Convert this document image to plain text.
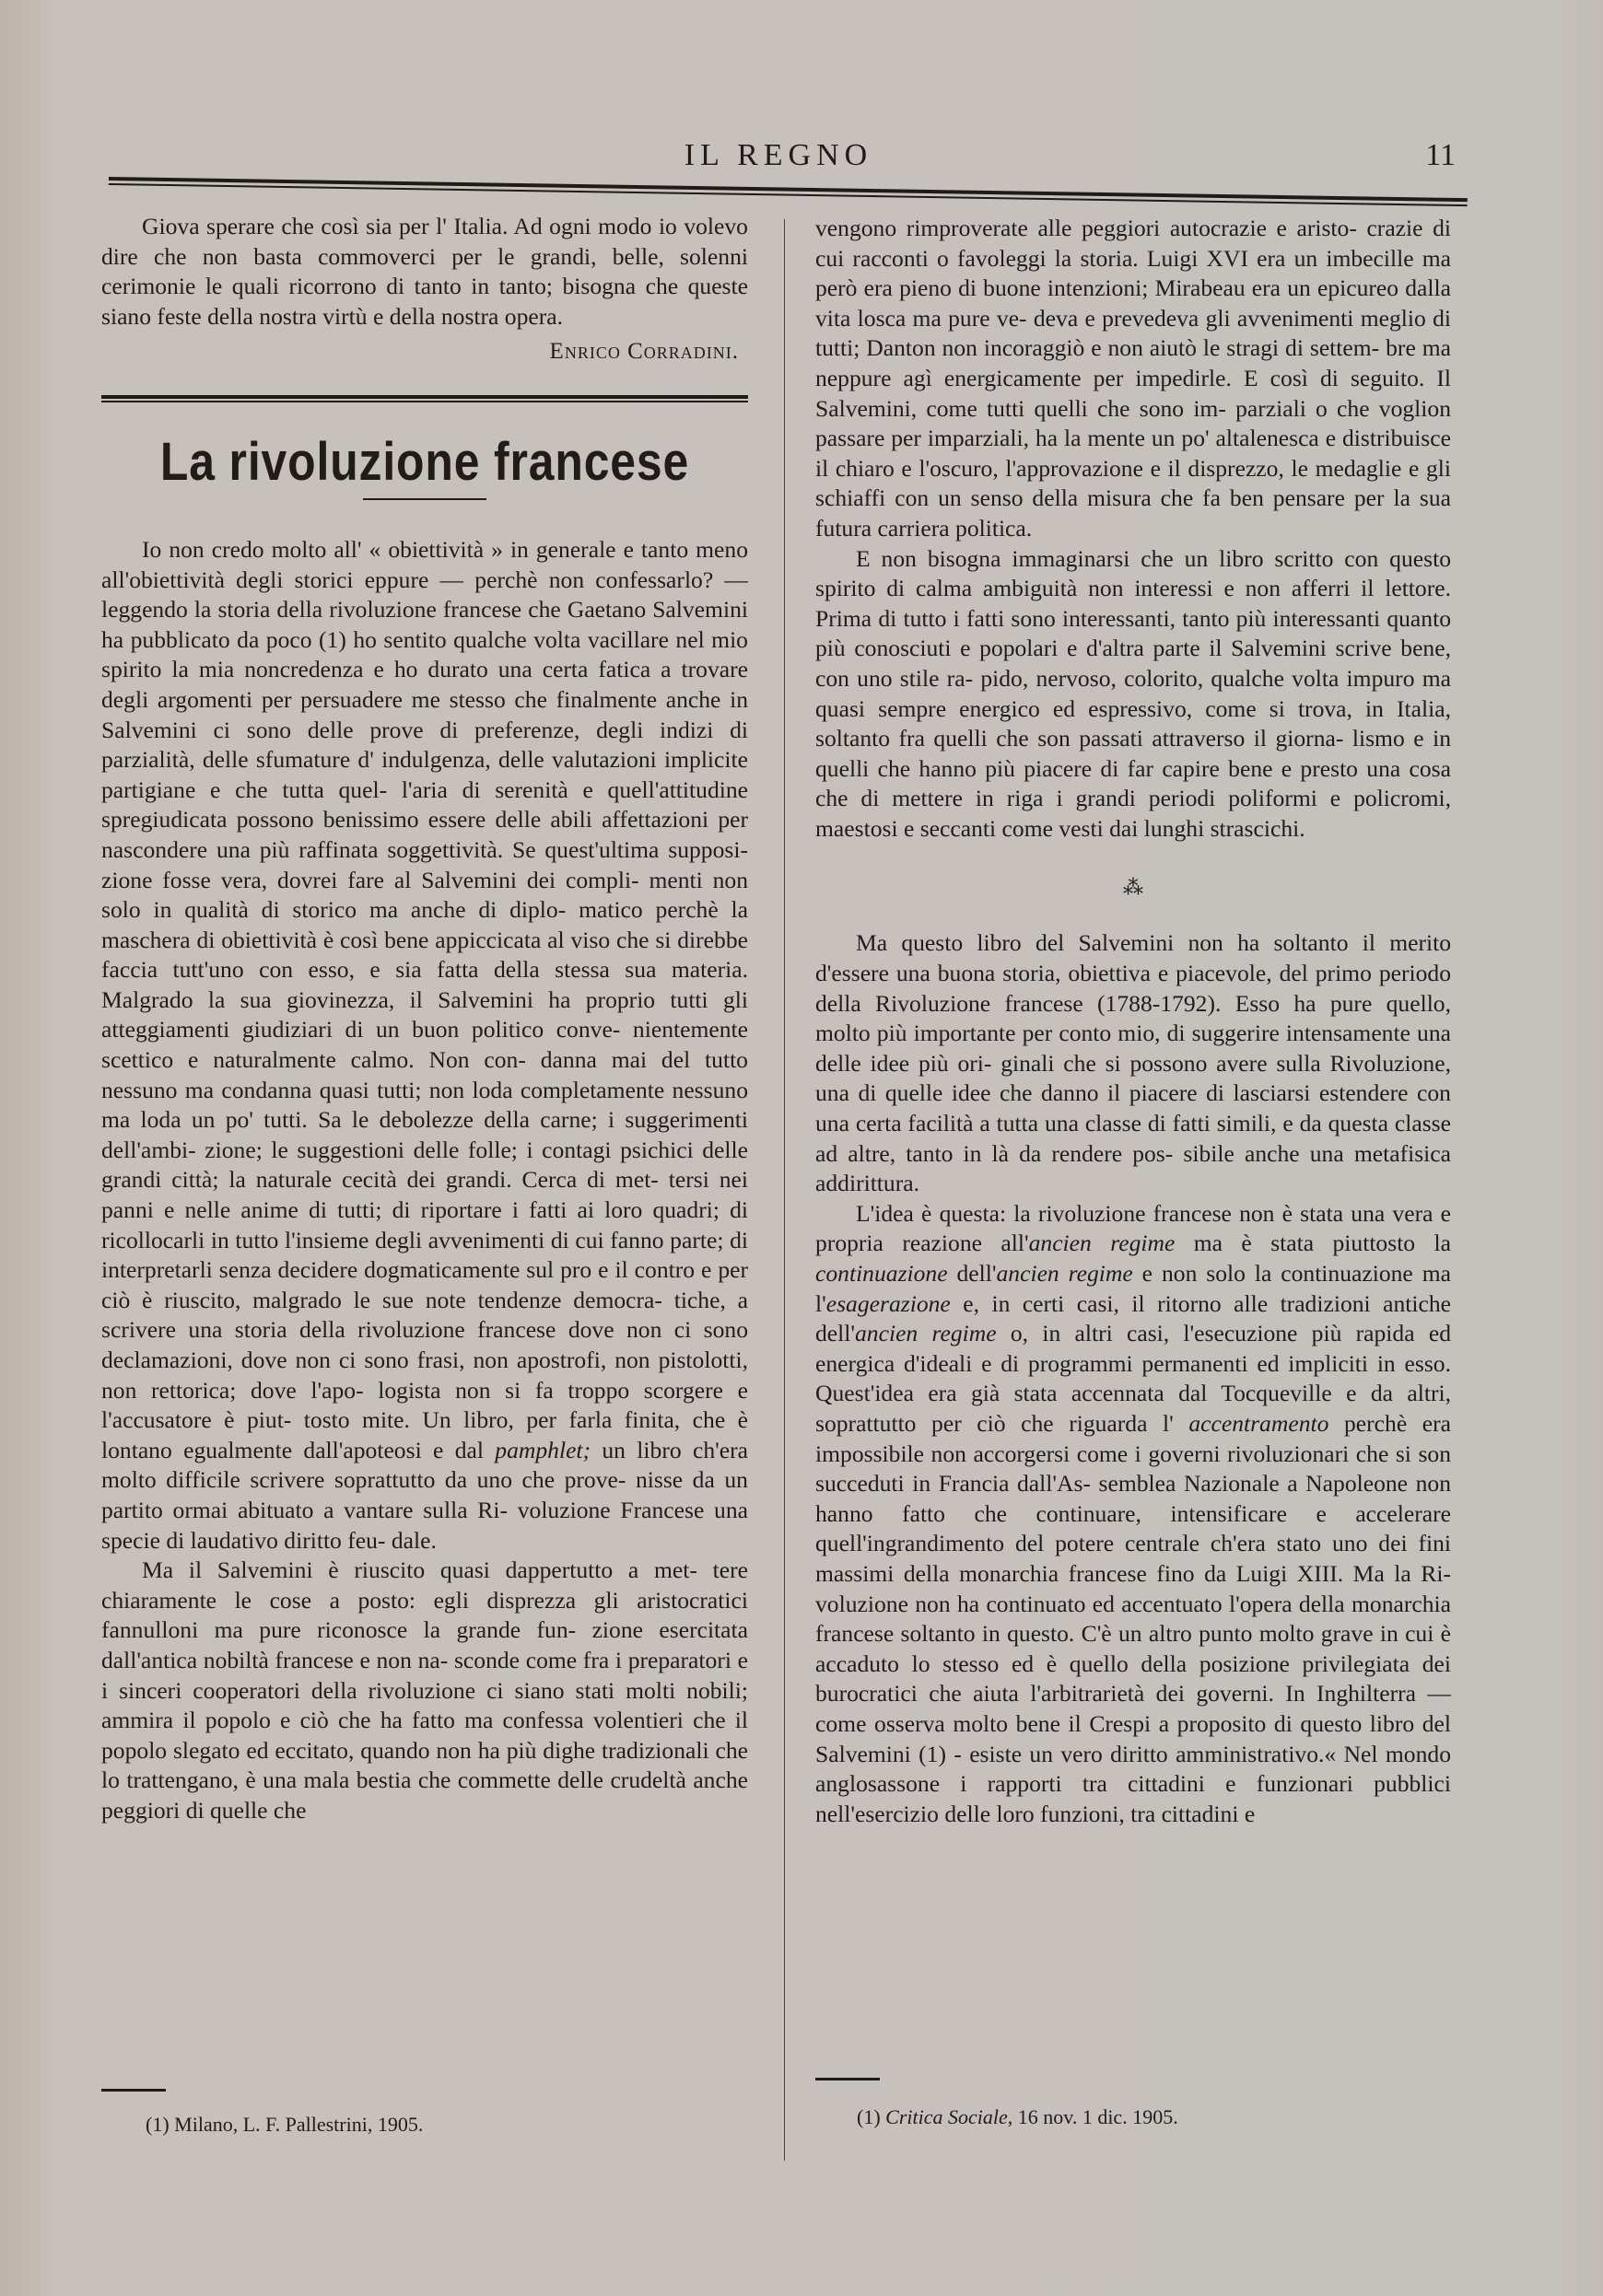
IL REGNO	11

Giova sperare che così sia per l' Italia. Ad ogni modo io volevo dire che non basta commoverci per le grandi, belle, solenni cerimonie le quali ricorrono di tanto in tanto; bisogna che queste siano feste della nostra virtù e della nostra opera.

Enrico Corradini.
La rivoluzione francese

Io non credo molto all' « obiettività » in generale e tanto meno all'obiettività degli storici eppure — perchè non confessarlo? — leggendo la storia della rivoluzione francese che Gaetano Salvemini ha pubblicato da poco (1) ho sentito qualche volta vacillare nel mio spirito la mia noncredenza e ho durato una certa fatica a trovare degli argomenti per persuadere me stesso che finalmente anche in Salvemini ci sono delle prove di preferenze, degli indizi di parzialità, delle sfumature d' indulgenza, delle valutazioni implicite partigiane e che tutta quel- l'aria di serenità e quell'attitudine spregiudicata possono benissimo essere delle abili affettazioni per nascondere una più raffinata soggettività. Se quest'ultima supposi- zione fosse vera, dovrei fare al Salvemini dei compli- menti non solo in qualità di storico ma anche di diplo- matico perchè la maschera di obiettività è così bene appiccicata al viso che si direbbe faccia tutt'uno con esso, e sia fatta della stessa sua materia. Malgrado la sua giovinezza, il Salvemini ha proprio tutti gli atteggiamenti giudiziari di un buon politico conve- nientemente scettico e naturalmente calmo. Non con- danna mai del tutto nessuno ma condanna quasi tutti; non loda completamente nessuno ma loda un po' tutti. Sa le debolezze della carne; i suggerimenti dell'ambi- zione; le suggestioni delle folle; i contagi psichici delle grandi città; la naturale cecità dei grandi. Cerca di met- tersi nei panni e nelle anime di tutti; di riportare i fatti ai loro quadri; di ricollocarli in tutto l'insieme degli avvenimenti di cui fanno parte; di interpretarli senza decidere dogmaticamente sul pro e il contro e per ciò è riuscito, malgrado le sue note tendenze democra- tiche, a scrivere una storia della rivoluzione francese dove non ci sono declamazioni, dove non ci sono frasi, non apostrofi, non pistolotti, non rettorica; dove l'apo- logista non si fa troppo scorgere e l'accusatore è piut- tosto mite. Un libro, per farla finita, che è lontano egualmente dall'apoteosi e dal pamphlet; un libro ch'era molto difficile scrivere soprattutto da uno che prove- nisse da un partito ormai abituato a vantare sulla Ri- voluzione Francese una specie di laudativo diritto feu- dale.

Ma il Salvemini è riuscito quasi dappertutto a met- tere chiaramente le cose a posto: egli disprezza gli aristocratici fannulloni ma pure riconosce la grande fun- zione esercitata dall'antica nobiltà francese e non na- sconde come fra i preparatori e i sinceri cooperatori della rivoluzione ci siano stati molti nobili; ammira il popolo e ciò che ha fatto ma confessa volentieri che il popolo slegato ed eccitato, quando non ha più dighe tradizionali che lo trattengano, è una mala bestia che commette delle crudeltà anche peggiori di quelle che

(1) Milano, L. F. Pallestrini, 1905.

vengono rimproverate alle peggiori autocrazie e aristo- crazie di cui racconti o favoleggi la storia. Luigi XVI era un imbecille ma però era pieno di buone intenzioni; Mirabeau era un epicureo dalla vita losca ma pure ve- deva e prevedeva gli avvenimenti meglio di tutti; Danton non incoraggiò e non aiutò le stragi di settem- bre ma neppure agì energicamente per impedirle. E così di seguito. Il Salvemini, come tutti quelli che sono im- parziali o che voglion passare per imparziali, ha la mente un po' altalenesca e distribuisce il chiaro e l'oscuro, l'approvazione e il disprezzo, le medaglie e gli schiaffi con un senso della misura che fa ben pensare per la sua futura carriera politica.

E non bisogna immaginarsi che un libro scritto con questo spirito di calma ambiguità non interessi e non afferri il lettore. Prima di tutto i fatti sono interessanti, tanto più interessanti quanto più conosciuti e popolari e d'altra parte il Salvemini scrive bene, con uno stile ra- pido, nervoso, colorito, qualche volta impuro ma quasi sempre energico ed espressivo, come si trova, in Italia, soltanto fra quelli che son passati attraverso il giorna- lismo e in quelli che hanno più piacere di far capire bene e presto una cosa che di mettere in riga i grandi periodi poliformi e policromi, maestosi e seccanti come vesti dai lunghi strascichi.

⁂

Ma questo libro del Salvemini non ha soltanto il merito d'essere una buona storia, obiettiva e piacevole, del primo periodo della Rivoluzione francese (1788-1792). Esso ha pure quello, molto più importante per conto mio, di suggerire intensamente una delle idee più ori- ginali che si possono avere sulla Rivoluzione, una di quelle idee che danno il piacere di lasciarsi estendere con una certa facilità a tutta una classe di fatti simili, e da questa classe ad altre, tanto in là da rendere pos- sibile anche una metafisica addirittura.

L'idea è questa: la rivoluzione francese non è stata una vera e propria reazione all'ancien regime ma è stata piuttosto la continuazione dell'ancien regime e non solo la continuazione ma l'esagerazione e, in certi casi, il ritorno alle tradizioni antiche dell'ancien regime o, in altri casi, l'esecuzione più rapida ed energica d'ideali e di programmi permanenti ed impliciti in esso. Quest'idea era già stata accennata dal Tocqueville e da altri, soprattutto per ciò che riguarda l' accentramento perchè era impossibile non accorgersi come i governi rivoluzionari che si son succeduti in Francia dall'As- semblea Nazionale a Napoleone non hanno fatto che continuare, intensificare e accelerare quell'ingrandimento del potere centrale ch'era stato uno dei fini massimi della monarchia francese fino da Luigi XIII. Ma la Ri- voluzione non ha continuato ed accentuato l'opera della monarchia francese soltanto in questo. C'è un altro punto molto grave in cui è accaduto lo stesso ed è quello della posizione privilegiata dei burocratici che aiuta l'arbitrarietà dei governi. In Inghilterra — come osserva molto bene il Crespi a proposito di questo libro del Salvemini (1) - esiste un vero diritto amministrativo.« Nel mondo anglosassone i rapporti tra cittadini e funzionari pubblici nell'esercizio delle loro funzioni, tra cittadini e

(1) Critica Sociale, 16 nov. 1 dic. 1905.
